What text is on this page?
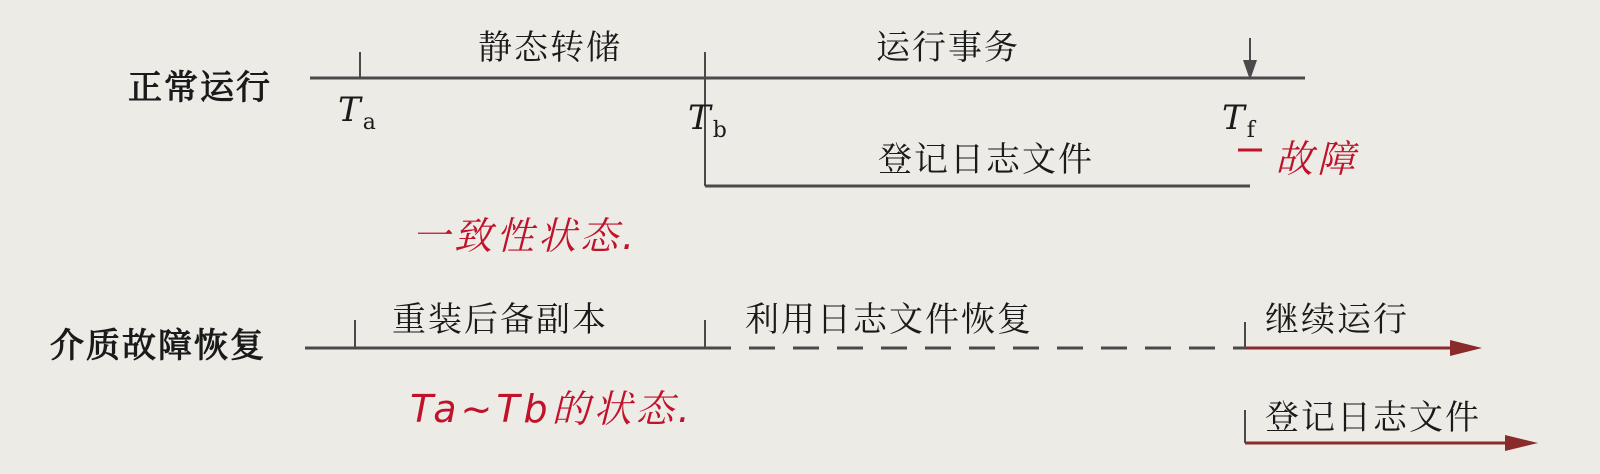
正常运行
静态转储	运行事务
$T_a$	$T_b$	$T_f$
登记日志文件
介质故障恢复
重装后备副本	利用日志文件恢复	继续运行
登记日志文件
故障
一致性状态.
Ta~Tb的状态.
